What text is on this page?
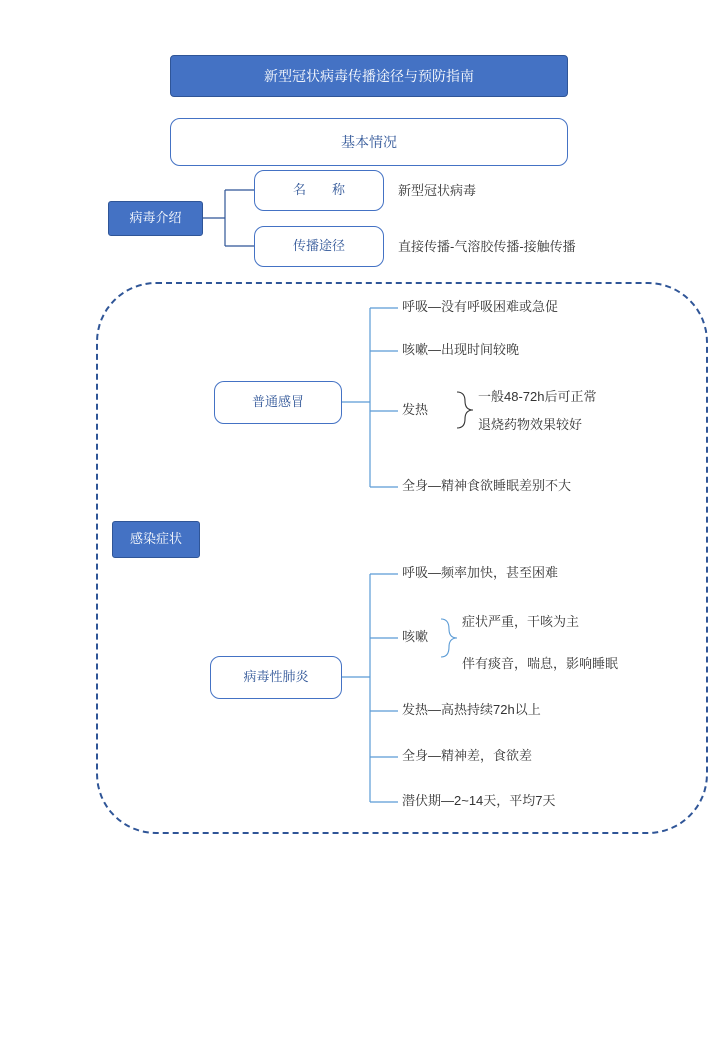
新型冠状病毒传播途径与预防指南
基本情况
病毒介绍
名　　称	新型冠状病毒
传播途径	直接传播-气溶胶传播-接触传播
感染症状
普通感冒
呼吸—没有呼吸困难或急促
咳嗽—出现时间较晚
发热
一般48-72h后可正常
退烧药物效果较好
全身—精神食欲睡眠差别不大
病毒性肺炎
呼吸—频率加快，甚至困难
咳嗽
症状严重，干咳为主
伴有痰音，喘息，影响睡眠
发热—高热持续72h以上
全身—精神差，食欲差
潜伏期—2~14天，平均7天
